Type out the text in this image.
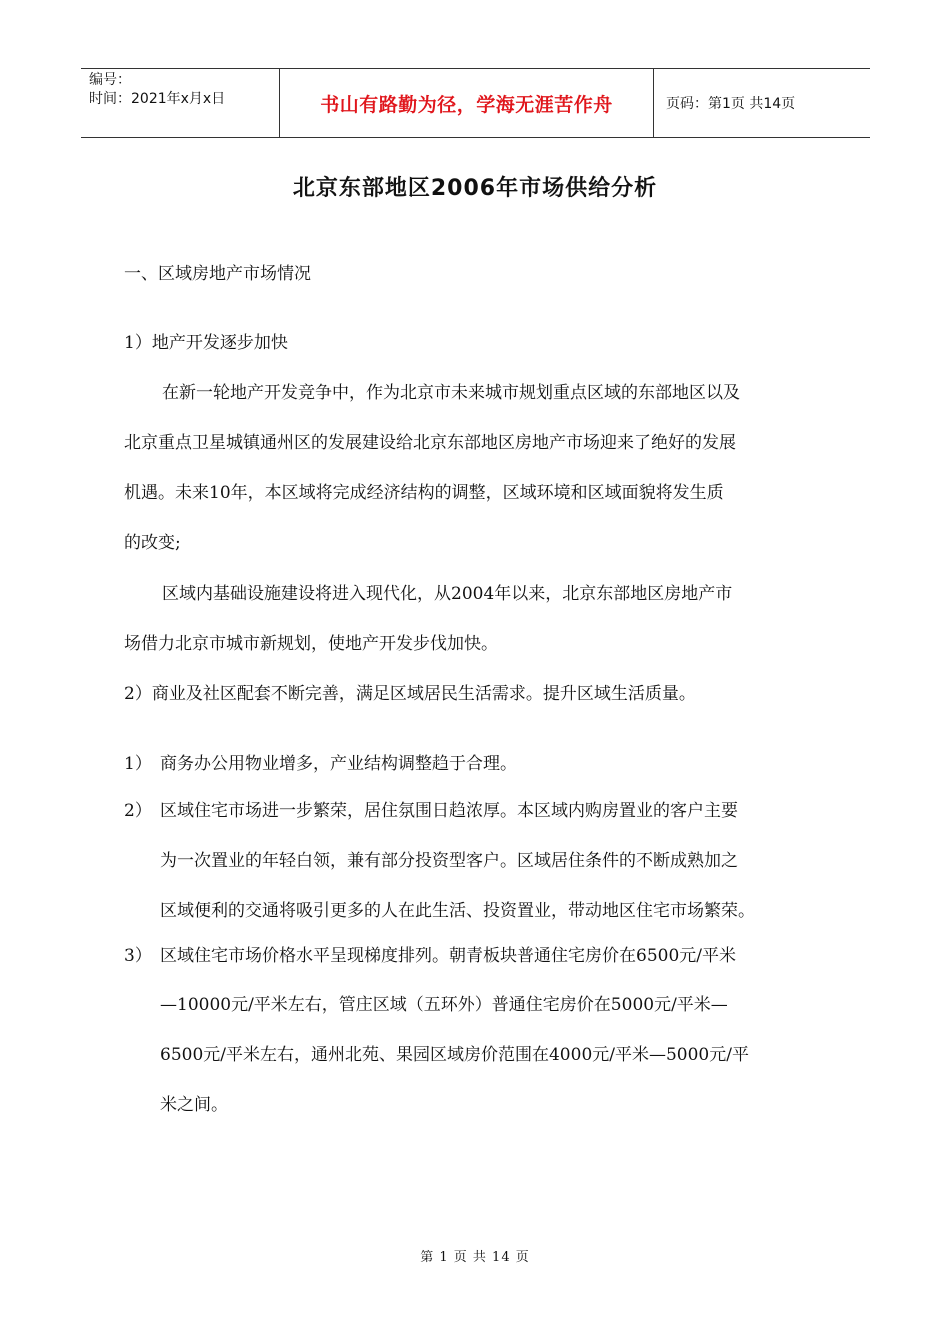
编号：
时间：2021年x月x日	书山有路勤为径，学海无涯苦作舟	页码：第1页 共14页
北京东部地区2006年市场供给分析
一、区域房地产市场情况
1）地产开发逐步加快
在新一轮地产开发竞争中，作为北京市未来城市规划重点区域的东部地区以及
北京重点卫星城镇通州区的发展建设给北京东部地区房地产市场迎来了绝好的发展
机遇。未来10年，本区域将完成经济结构的调整，区域环境和区域面貌将发生质
的改变;
区域内基础设施建设将进入现代化，从2004年以来，北京东部地区房地产市
场借力北京市城市新规划，使地产开发步伐加快。
2）商业及社区配套不断完善，满足区域居民生活需求。提升区域生活质量。
1） 商务办公用物业增多，产业结构调整趋于合理。
2） 区域住宅市场进一步繁荣，居住氛围日趋浓厚。本区域内购房置业的客户主要
为一次置业的年轻白领，兼有部分投资型客户。区域居住条件的不断成熟加之
区域便利的交通将吸引更多的人在此生活、投资置业，带动地区住宅市场繁荣。
3） 区域住宅市场价格水平呈现梯度排列。朝青板块普通住宅房价在6500元/平米
—10000元/平米左右，管庄区域（五环外）普通住宅房价在5000元/平米—
6500元/平米左右，通州北苑、果园区域房价范围在4000元/平米—5000元/平
米之间。
第 1 页 共 14 页
